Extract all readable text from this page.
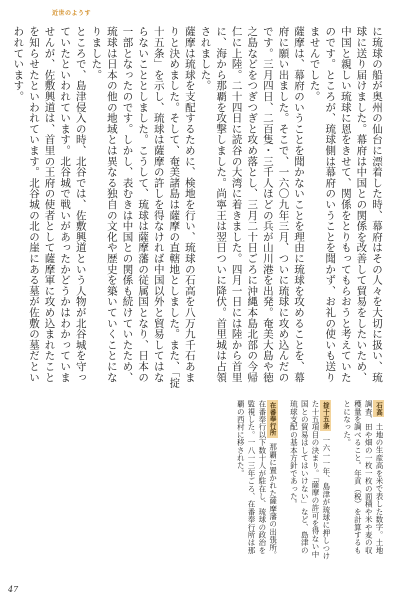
近世のようす

に琉球の船が奥州の仙台に漂着した時、幕府はその人々を大切に扱い、琉球に送り届けました。幕府は中国との関係を改善して貿易をしたいため、中国と親しい琉球に恩をきせて、関係をとりもってもらおうと考えていたのです。ところが、琉球側は幕府のいうことを聞かず、お礼の使いも送りませんでした。

薩摩は、幕府のいうことを聞かないことを理由に琉球を攻めることを、幕府に願い出ました。そこで、一六〇九年三月、ついに琉球に攻め込んだのです。三月四日、二百隻・三千人ほどの兵が山川港を出発。奄美大島や徳之島などをつぎつぎと攻め落とし、三月二十日ごろに沖縄本島北部の今帰仁に上陸。二十四日に読谷の大湾に着きました。四月一日には陸から首里に、海から那覇を攻撃しました。尚寧王は翌日ついに降伏。首里城は占領されました。

薩摩は琉球を支配するために、検地を行い、琉球の石高を八万九千石あまりと決めました。そして、奄美諸島は薩摩の直轄地としました。また、「掟十五条」を示し、琉球は薩摩の許しを得なければ中国以外と貿易してはならないこととしました。こうして、琉球は薩摩藩の従属国となり、日本の一部となったのです。しかし、表むきは中国との関係も続けていたため、琉球は日本の他の地域とは異なる独自の文化や歴史を築いていくことになりました。

ところで、島津侵入の時、北谷では、佐敷興道という人物が北谷城を守っていたといわれています。北谷城で戦いがあったかどうかはわかっていませんが、佐敷興道は、首里の王府の使者として薩摩軍に攻め込まれたことを知らせたといわれています。北谷城の北の崖にある墓が佐敷の墓だといわれています。

石高 土地の生産高を米で表した数字。土地調査、田や畑の一枚一枚の面積や米や麦の収穫量を調べること。年貢（税）を計算するもとになった。

掟十五条 一六一一年、島津が琉球に押しつけた十五項目の決まり。「薩摩の許可を得ない中国との貿易はしてはいけない」など、島津の琉球支配の基本方針であった。

在番奉行所 那覇に置かれた薩摩藩の出張所。在番奉行以下数十人が駐在し、琉球の政治を監視した。一八一三年ごろ、在番奉行所は那覇の西村に移された。

47
